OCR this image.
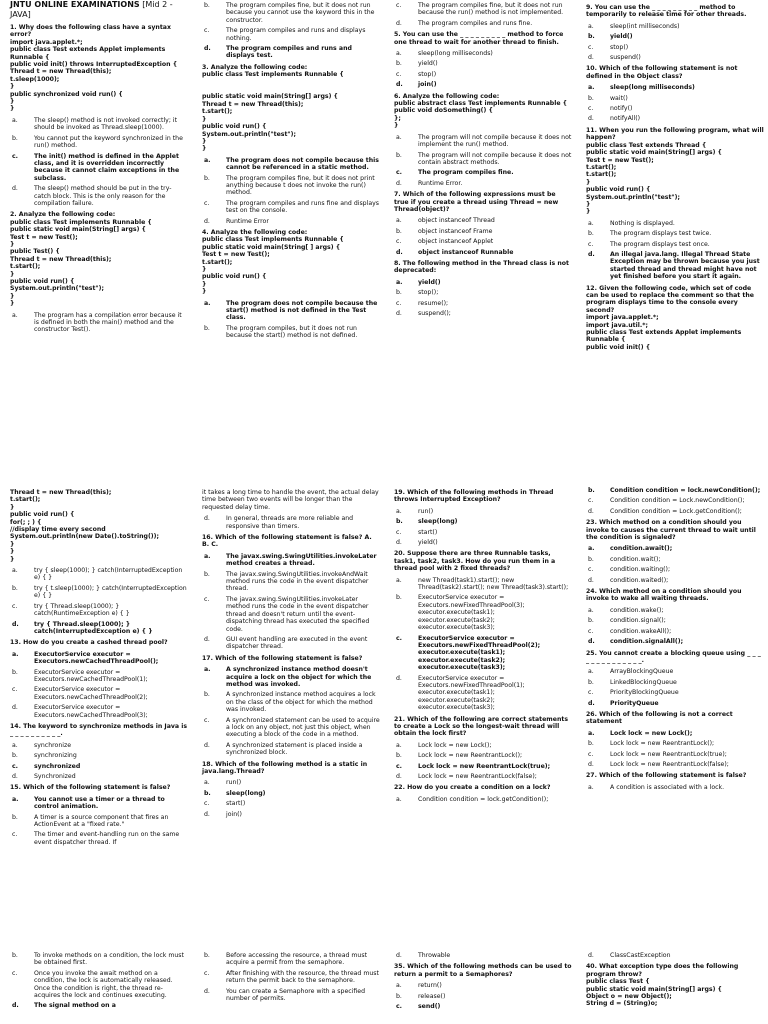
JNTU ONLINE EXAMINATIONS [Mid 2 - JAVA]
1. Why does the following class have a syntax error?
import java.applet.*;
public class Test extends Applet implements Runnable {
public void init() throws InterruptedException {
Thread t = new Thread(this);
t.sleep(1000);
}
public synchronized void run() {
}
}
a.	The sleep() method is not invoked correctly; it should be invoked as Thread.sleep(1000).
b.	You cannot put the keyword synchronized in the run() method.
c.	The init() method is defined in the Applet class, and it is overridden incorrectly because it cannot claim exceptions in the subclass.
d.	The sleep() method should be put in the try-catch block. This is the only reason for the compilation failure.
2. Analyze the following code:
public class Test implements Runnable {
public static void main(String[] args) {
Test t = new Test();
}
public Test() {
Thread t = new Thread(this);
t.start();
}
public void run() {
System.out.println("test");
}
}
a.	The program has a compilation error because it is defined in both the main() method and the constructor Test().
b.	The program compiles fine, but it does not run because you cannot use the keyword this in the constructor.
c.	The program compiles and runs and displays nothing.
d.	The program compiles and runs and displays test.
3. Analyze the following code:
public class Test implements Runnable {

public static void main(String[] args) {
Thread t = new Thread(this);
t.start();
}
public void run() {
System.out.println("test");
}
}
a.	The program does not compile because this cannot be referenced in a static method.
b.	The program compiles fine, but it does not print anything because t does not invoke the run() method.
c.	The program compiles and runs fine and displays test on the console.
d.	Runtime Error
4. Analyze the following code:
public class Test implements Runnable {
public static void main(String[ ] args) {
Test t = new Test();
t.start();
}
public void run() {
}
}
a.	The program does not compile because the start() method is not defined in the Test class.
b.	The program compiles, but it does not run because the start() method is not defined.
c.	The program compiles fine, but it does not run because the run() method is not implemented.
d.	The program compiles and runs fine.
5. You can use the _ _ _ _ _ _ _ _ _ method to force one thread to wait for another thread to finish.
a.	sleep(long milliseconds)
b.	yield()
c.	stop()
d.	join()
6. Analyze the following code:
public abstract class Test implements Runnable {
public void doSomething() {
};
}
a.	The program will not compile because it does not implement the run() method.
b.	The program will not compile because it does not contain abstract methods.
c.	The program compiles fine.
d.	Runtime Error.
7. Which of the following expressions must be true if you create a thread using Thread = new Thread(object)?
a.	object instanceof Thread
b.	object instanceof Frame
c.	object instanceof Applet
d.	object instanceof Runnable
8. The following method in the Thread class is not deprecated:
a.	yield()
b.	stop();
c.	resume();
d.	suspend();
9. You can use the _ _ _ _ _ _ _ _ _ method to temporarily to release time for other threads.
a.	sleep(int milliseconds)
b.	yield()
c.	stop()
d.	suspend()
10. Which of the following statement is not defined in the Object class?
a.	sleep(long milliseconds)
b.	wait()
c.	notify()
d.	notifyAll()
11. When you run the following program, what will happen?
public class Test extends Thread {
public static void main(String[] args) {
Test t = new Test();
t.start();
t.start();
}
public void run() {
System.out.println("test");
}
}
a.	Nothing is displayed.
b.	The program displays test twice.
c.	The program displays test once.
d.	An illegal java.lang. Illegal Thread State Exception may be thrown because you just started thread and thread might have not yet finished before you start it again.
12. Given the following code, which set of code can be used to replace the comment so that the program displays time to the console every second?
import java.applet.*;
import java.util.*;
public class Test extends Applet implements Runnable {
public void init() {
Thread t = new Thread(this);
t.start();
}
public void run() {
for(; ; ) {
//display time every second
System.out.println(new Date().toString());
}
}
}
a.	try { sleep(1000); } catch(InterruptedException e) { }
b.	try { t.sleep(1000); } catch(InterruptedException e) { }
c.	try { Thread.sleep(1000); } catch(RuntimeException e) { }
d.	try { Thread.sleep(1000); } catch(InterruptedException e) { }
13. How do you create a cashed thread pool?
a.	ExecutorService executor = Executors.newCachedThreadPool();
b.	ExecutorService executor = Executors.newCachedThreadPool(1);
c.	ExecutorService executor = Executors.newCachedThreadPool(2);
d.	ExecutorService executor = Executors.newCachedThreadPool(3);
14. The keyword to synchronize methods in Java is _ _ _ _ _ _ _ _ _ _.
a.	synchronize
b.	synchronizing
c.	synchronized
d.	Synchronized
15. Which of the following statement is false?
a.	You cannot use a timer or a thread to control animation.
b.	A timer is a source component that fires an ActionEvent at a "fixed rate."
c.	The timer and event-handling run on the same event dispatcher thread. If
it takes a long time to handle the event, the actual delay time between two events will be longer than the requested delay time.
d.	In general, threads are more reliable and responsive than timers.
16. Which of the following statement is false? A. B. C.
a.	The javax.swing.SwingUtilities.invokeLater method creates a thread.
b.	The javax.swing.SwingUtilities.invokeAndWait method runs the code in the event dispatcher thread.
c.	The javax.swing.SwingUtilities.invokeLater method runs the code in the event dispatcher thread and doesn't return until the event-dispatching thread has executed the specified code.
d.	GUI event handling are executed in the event dispatcher thread.
17. Which of the following statement is false?
a.	A synchronized instance method doesn't acquire a lock on the object for which the method was invoked.
b.	A synchronized instance method acquires a lock on the class of the object for which the method was invoked.
c.	A synchronized statement can be used to acquire a lock on any object, not just this object, when executing a block of the code in a method.
d.	A synchronized statement is placed inside a synchronized block.
18. Which of the following method is a static in java.lang.Thread?
a.	run()
b.	sleep(long)
c.	start()
d.	join()
19. Which of the following methods in Thread throws Interrupted Exception?
a.	run()
b.	sleep(long)
c.	start()
d.	yield()
20. Suppose there are three Runnable tasks, task1, task2, task3. How do you run them in a thread pool with 2 fixed threads?
a.	new Thread(task1).start(); new Thread(task2).start(); new Thread(task3).start();
b.	ExecutorService executor = Executors.newFixedThreadPool(3); executor.execute(task1); executor.execute(task2); executor.execute(task3);
c.	ExecutorService executor = Executors.newFixedThreadPool(2); executor.execute(task1); executor.execute(task2); executor.execute(task3);
d.	ExecutorService executor = Executors.newFixedThreadPool(1); executor.execute(task1); executor.execute(task2); executor.execute(task3);
21. Which of the following are correct statements to create a Lock so the longest-wait thread will obtain the lock first?
a.	Lock lock = new Lock();
b.	Lock lock = new ReentrantLock();
c.	Lock lock = new ReentrantLock(true);
d.	Lock lock = new ReentrantLock(false);
22. How do you create a condition on a lock?
a.	Condition condition = lock.getCondition();
b.	Condition condition = lock.newCondition();
c.	Condition condition = Lock.newCondition();
d.	Condition condition = Lock.getCondition();
23. Which method on a condition should you invoke to causes the current thread to wait until the condition is signaled?
a.	condition.await();
b.	condition.wait();
c.	condition.waiting();
d.	condition.waited();
24. Which method on a condition should you invoke to wake all waiting threads.
a.	condition.wake();
b.	condition.signal();
c.	condition.wakeAll();
d.	condition.signalAll();
25. You cannot create a blocking queue using _ _ _ _ _ _ _ _ _ _ _ _ _ _.
a.	ArrayBlockingQueue
b.	LinkedBlockingQueue
c.	PriorityBlockingQueue
d.	PriorityQueue
26. Which of the following is not a correct statement
a.	Lock lock = new Lock();
b.	Lock lock = new ReentrantLock();
c.	Lock lock = new ReentrantLock(true);
d.	Lock lock = new ReentrantLock(false);
27. Which of the following statement is false?
a.	A condition is associated with a lock.
b.	To invoke methods on a condition, the lock must be obtained first.
c.	Once you invoke the await method on a condition, the lock is automatically released. Once the condition is right, the thread re-acquires the lock and continues executing.
d.	The signal method on a
b.	Before accessing the resource, a thread must acquire a permit from the semaphore.
c.	After finishing with the resource, the thread must return the permit back to the semaphore.
d.	You can create a Semaphore with a specified number of permits.
d.	Throwable
35. Which of the following methods can be used to return a permit to a Semaphores?
a.	return()
b.	release()
c.	send()
d.	ClassCastException
40. What exception type does the following program throw?
public class Test {
public static void main(String[] args) {
Object o = new Object();
String d = (String)o;
